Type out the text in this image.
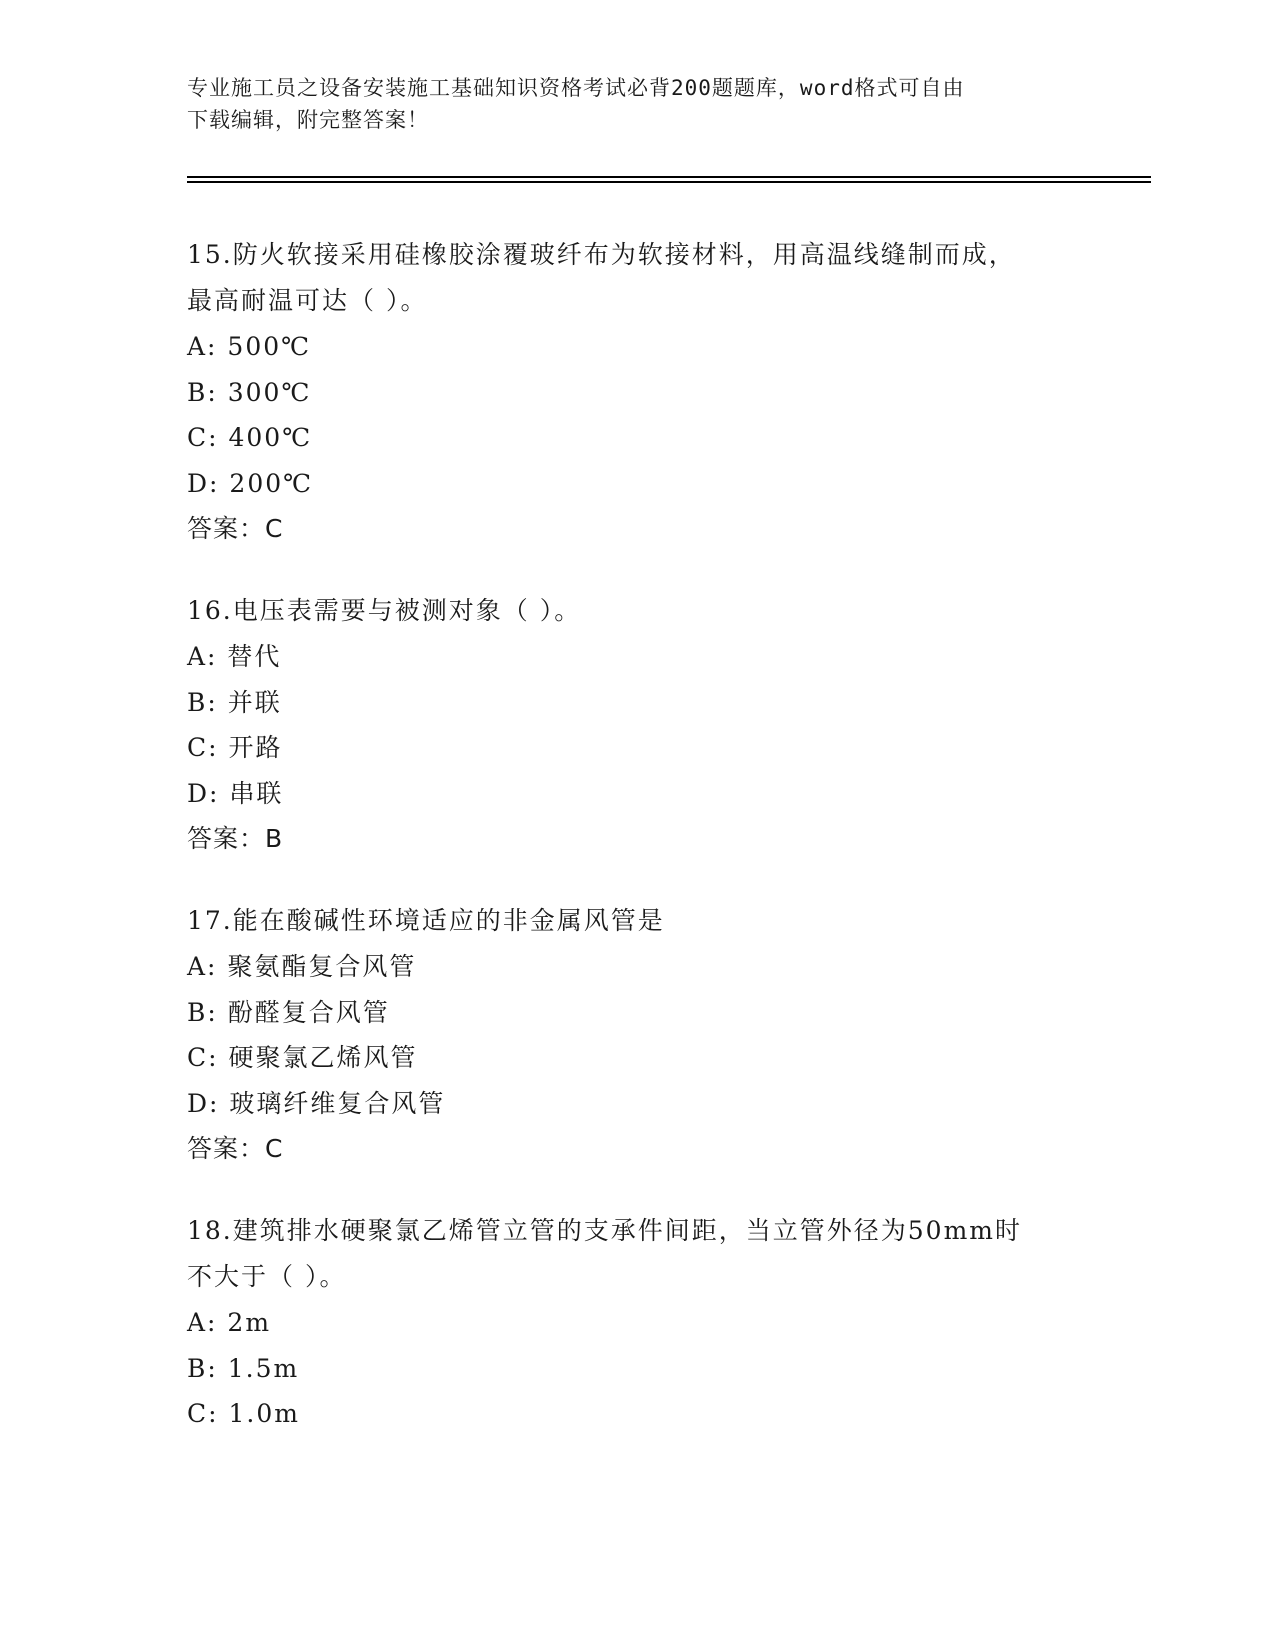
专业施工员之设备安装施工基础知识资格考试必背200题题库，word格式可自由
下载编辑，附完整答案！

15.防火软接采用硅橡胶涂覆玻纤布为软接材料，用高温线缝制而成，

最高耐温可达（ ）。

A: 500℃

B: 300℃

C: 400℃

D: 200℃

答案：C

16.电压表需要与被测对象（ ）。

A: 替代

B: 并联

C: 开路

D: 串联

答案：B

17.能在酸碱性环境适应的非金属风管是

A: 聚氨酯复合风管

B: 酚醛复合风管

C: 硬聚氯乙烯风管

D: 玻璃纤维复合风管

答案：C

18.建筑排水硬聚氯乙烯管立管的支承件间距，当立管外径为50mm时

不大于（ ）。

A: 2m

B: 1.5m

C: 1.0m
